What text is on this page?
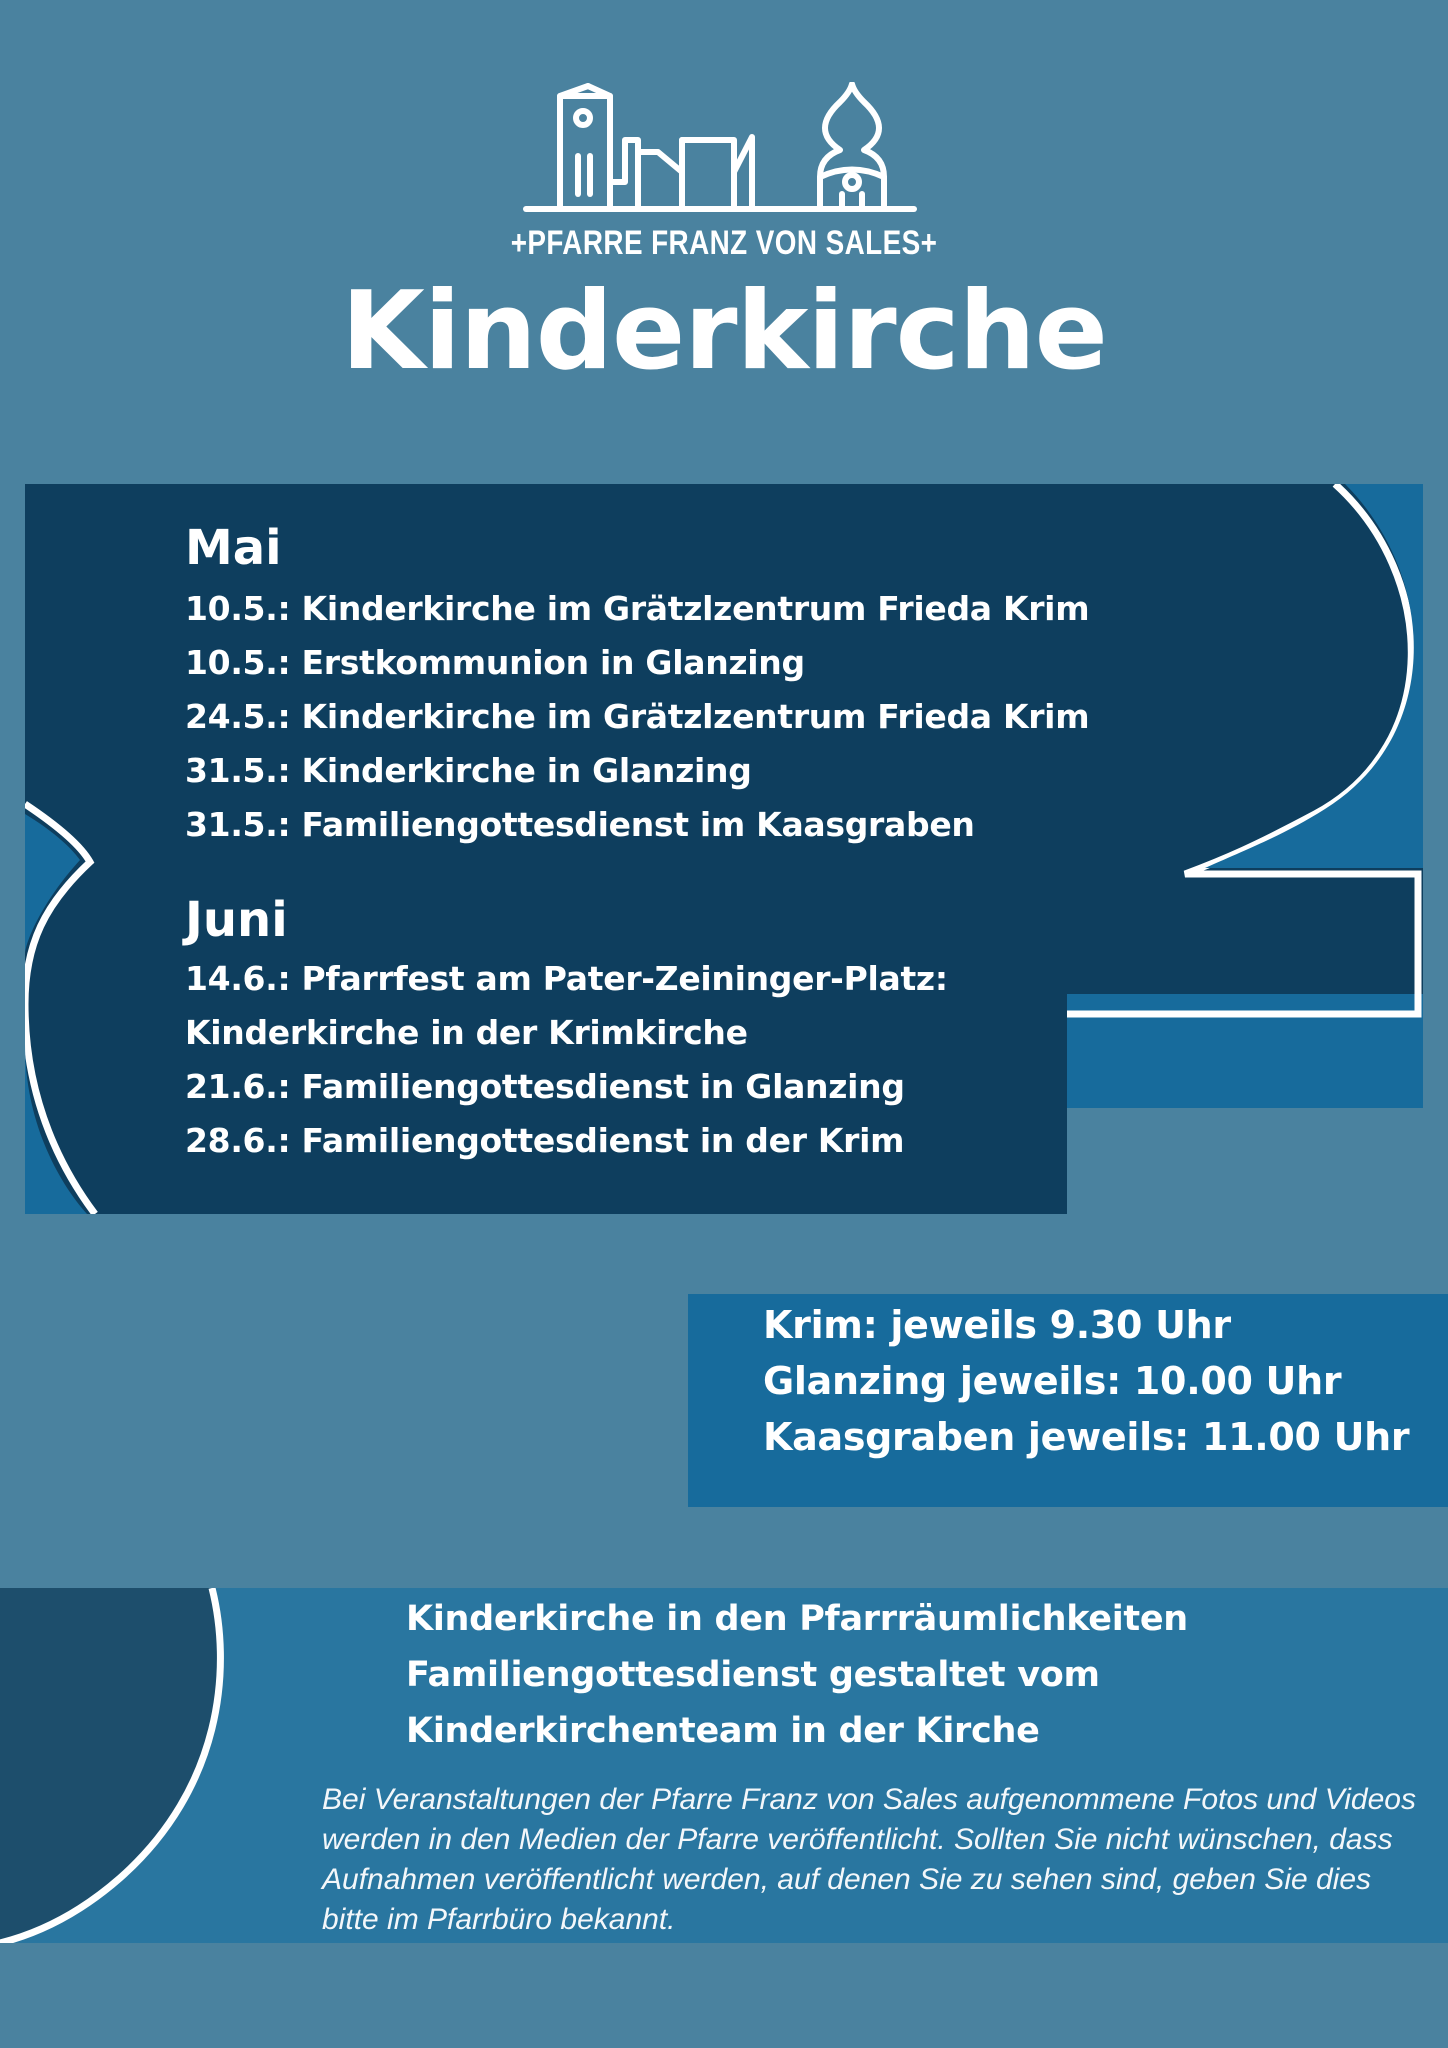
+PFARRE FRANZ VON SALES+
Kinderkirche
Mai
10.5.: Kinderkirche im Grätzlzentrum Frieda Krim
10.5.: Erstkommunion in Glanzing
24.5.: Kinderkirche im Grätzlzentrum Frieda Krim
31.5.: Kinderkirche in Glanzing
31.5.: Familiengottesdienst im Kaasgraben
Juni
14.6.: Pfarrfest am Pater-Zeininger-Platz:
Kinderkirche in der Krimkirche
21.6.: Familiengottesdienst in Glanzing
28.6.: Familiengottesdienst in der Krim
Krim: jeweils 9.30 Uhr
Glanzing jeweils: 10.00 Uhr
Kaasgraben jeweils: 11.00 Uhr
Kinderkirche in den Pfarrräumlichkeiten
Familiengottesdienst gestaltet vom
Kinderkirchenteam in der Kirche
Bei Veranstaltungen der Pfarre Franz von Sales aufgenommene Fotos und Videos werden in den Medien der Pfarre veröffentlicht. Sollten Sie nicht wünschen, dass Aufnahmen veröffentlicht werden, auf denen Sie zu sehen sind, geben Sie dies bitte im Pfarrbüro bekannt.
